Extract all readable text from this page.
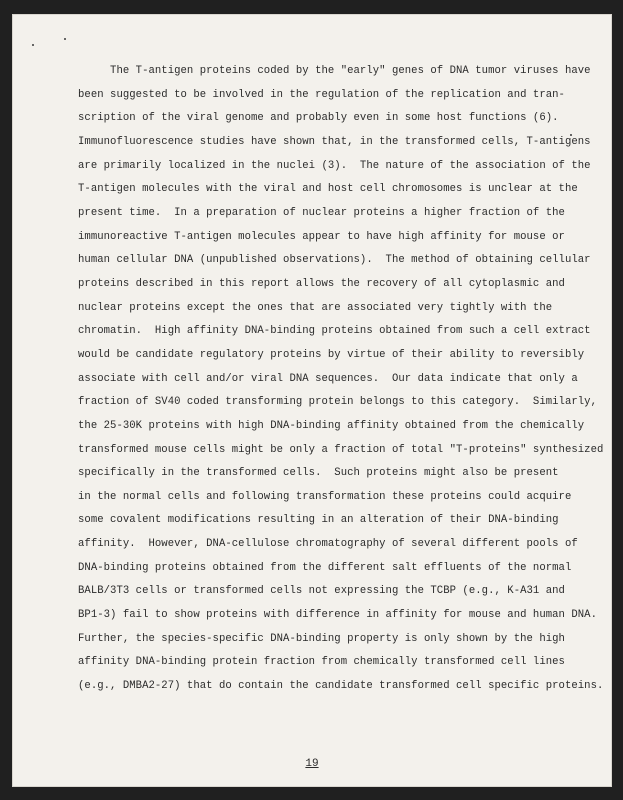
The T-antigen proteins coded by the "early" genes of DNA tumor viruses have
been suggested to be involved in the regulation of the replication and tran-
scription of the viral genome and probably even in some host functions (6).
Immunofluorescence studies have shown that, in the transformed cells, T-antigens
are primarily localized in the nuclei (3).  The nature of the association of the
T-antigen molecules with the viral and host cell chromosomes is unclear at the
present time.  In a preparation of nuclear proteins a higher fraction of the
immunoreactive T-antigen molecules appear to have high affinity for mouse or
human cellular DNA (unpublished observations).  The method of obtaining cellular
proteins described in this report allows the recovery of all cytoplasmic and
nuclear proteins except the ones that are associated very tightly with the
chromatin.  High affinity DNA-binding proteins obtained from such a cell extract
would be candidate regulatory proteins by virtue of their ability to reversibly
associate with cell and/or viral DNA sequences.  Our data indicate that only a
fraction of SV40 coded transforming protein belongs to this category.  Similarly,
the 25-30K proteins with high DNA-binding affinity obtained from the chemically
transformed mouse cells might be only a fraction of total "T-proteins" synthesized
specifically in the transformed cells.  Such proteins might also be present
in the normal cells and following transformation these proteins could acquire
some covalent modifications resulting in an alteration of their DNA-binding
affinity.  However, DNA-cellulose chromatography of several different pools of
DNA-binding proteins obtained from the different salt effluents of the normal
BALB/3T3 cells or transformed cells not expressing the TCBP (e.g., K-A31 and
BP1-3) fail to show proteins with difference in affinity for mouse and human DNA.
Further, the species-specific DNA-binding property is only shown by the high
affinity DNA-binding protein fraction from chemically transformed cell lines
(e.g., DMBA2-27) that do contain the candidate transformed cell specific proteins.
19
